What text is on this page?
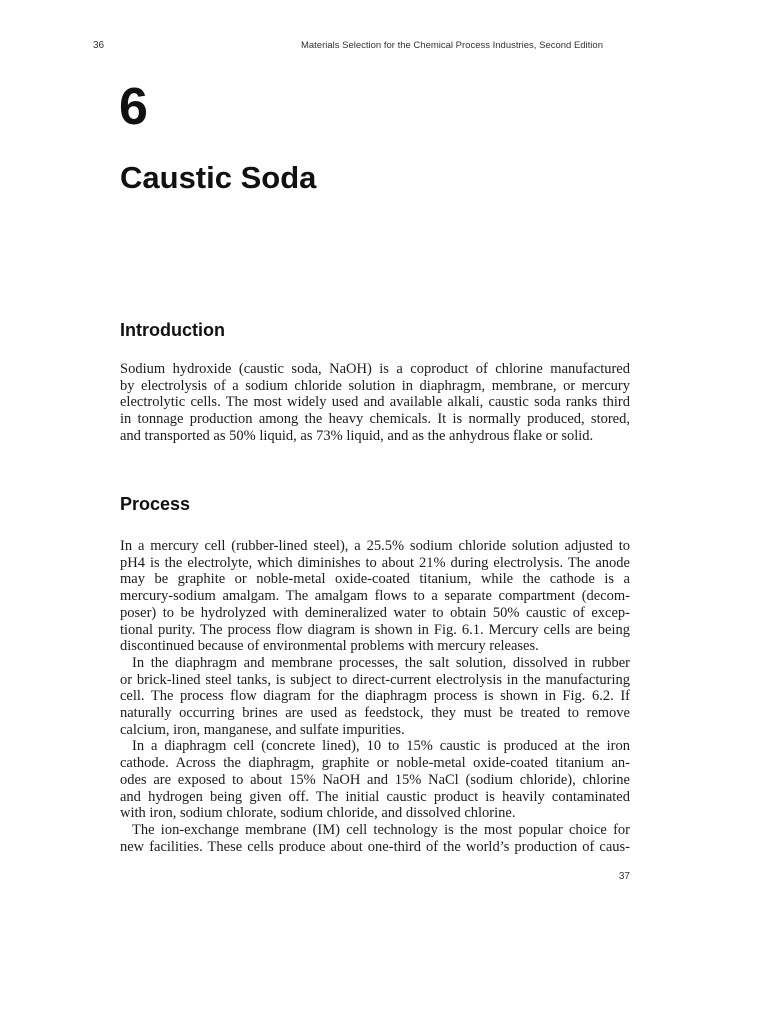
36	Materials Selection for the Chemical Process Industries, Second Edition
6
Caustic Soda
Introduction
Sodium hydroxide (caustic soda, NaOH) is a coproduct of chlorine manufactured
by electrolysis of a sodium chloride solution in diaphragm, membrane, or mercury
electrolytic cells. The most widely used and available alkali, caustic soda ranks third
in tonnage production among the heavy chemicals. It is normally produced, stored,
and transported as 50% liquid, as 73% liquid, and as the anhydrous flake or solid.
Process
In a mercury cell (rubber-lined steel), a 25.5% sodium chloride solution adjusted to
pH4 is the electrolyte, which diminishes to about 21% during electrolysis. The anode
may be graphite or noble-metal oxide-coated titanium, while the cathode is a
mercury-sodium amalgam. The amalgam flows to a separate compartment (decom-
poser) to be hydrolyzed with demineralized water to obtain 50% caustic of excep-
tional purity. The process flow diagram is shown in Fig. 6.1. Mercury cells are being
discontinued because of environmental problems with mercury releases.
In the diaphragm and membrane processes, the salt solution, dissolved in rubber
or brick-lined steel tanks, is subject to direct-current electrolysis in the manufacturing
cell. The process flow diagram for the diaphragm process is shown in Fig. 6.2. If
naturally occurring brines are used as feedstock, they must be treated to remove
calcium, iron, manganese, and sulfate impurities.
In a diaphragm cell (concrete lined), 10 to 15% caustic is produced at the iron
cathode. Across the diaphragm, graphite or noble-metal oxide-coated titanium an-
odes are exposed to about 15% NaOH and 15% NaCl (sodium chloride), chlorine
and hydrogen being given off. The initial caustic product is heavily contaminated
with iron, sodium chlorate, sodium chloride, and dissolved chlorine.
The ion-exchange membrane (IM) cell technology is the most popular choice for
new facilities. These cells produce about one-third of the world’s production of caus-
37
